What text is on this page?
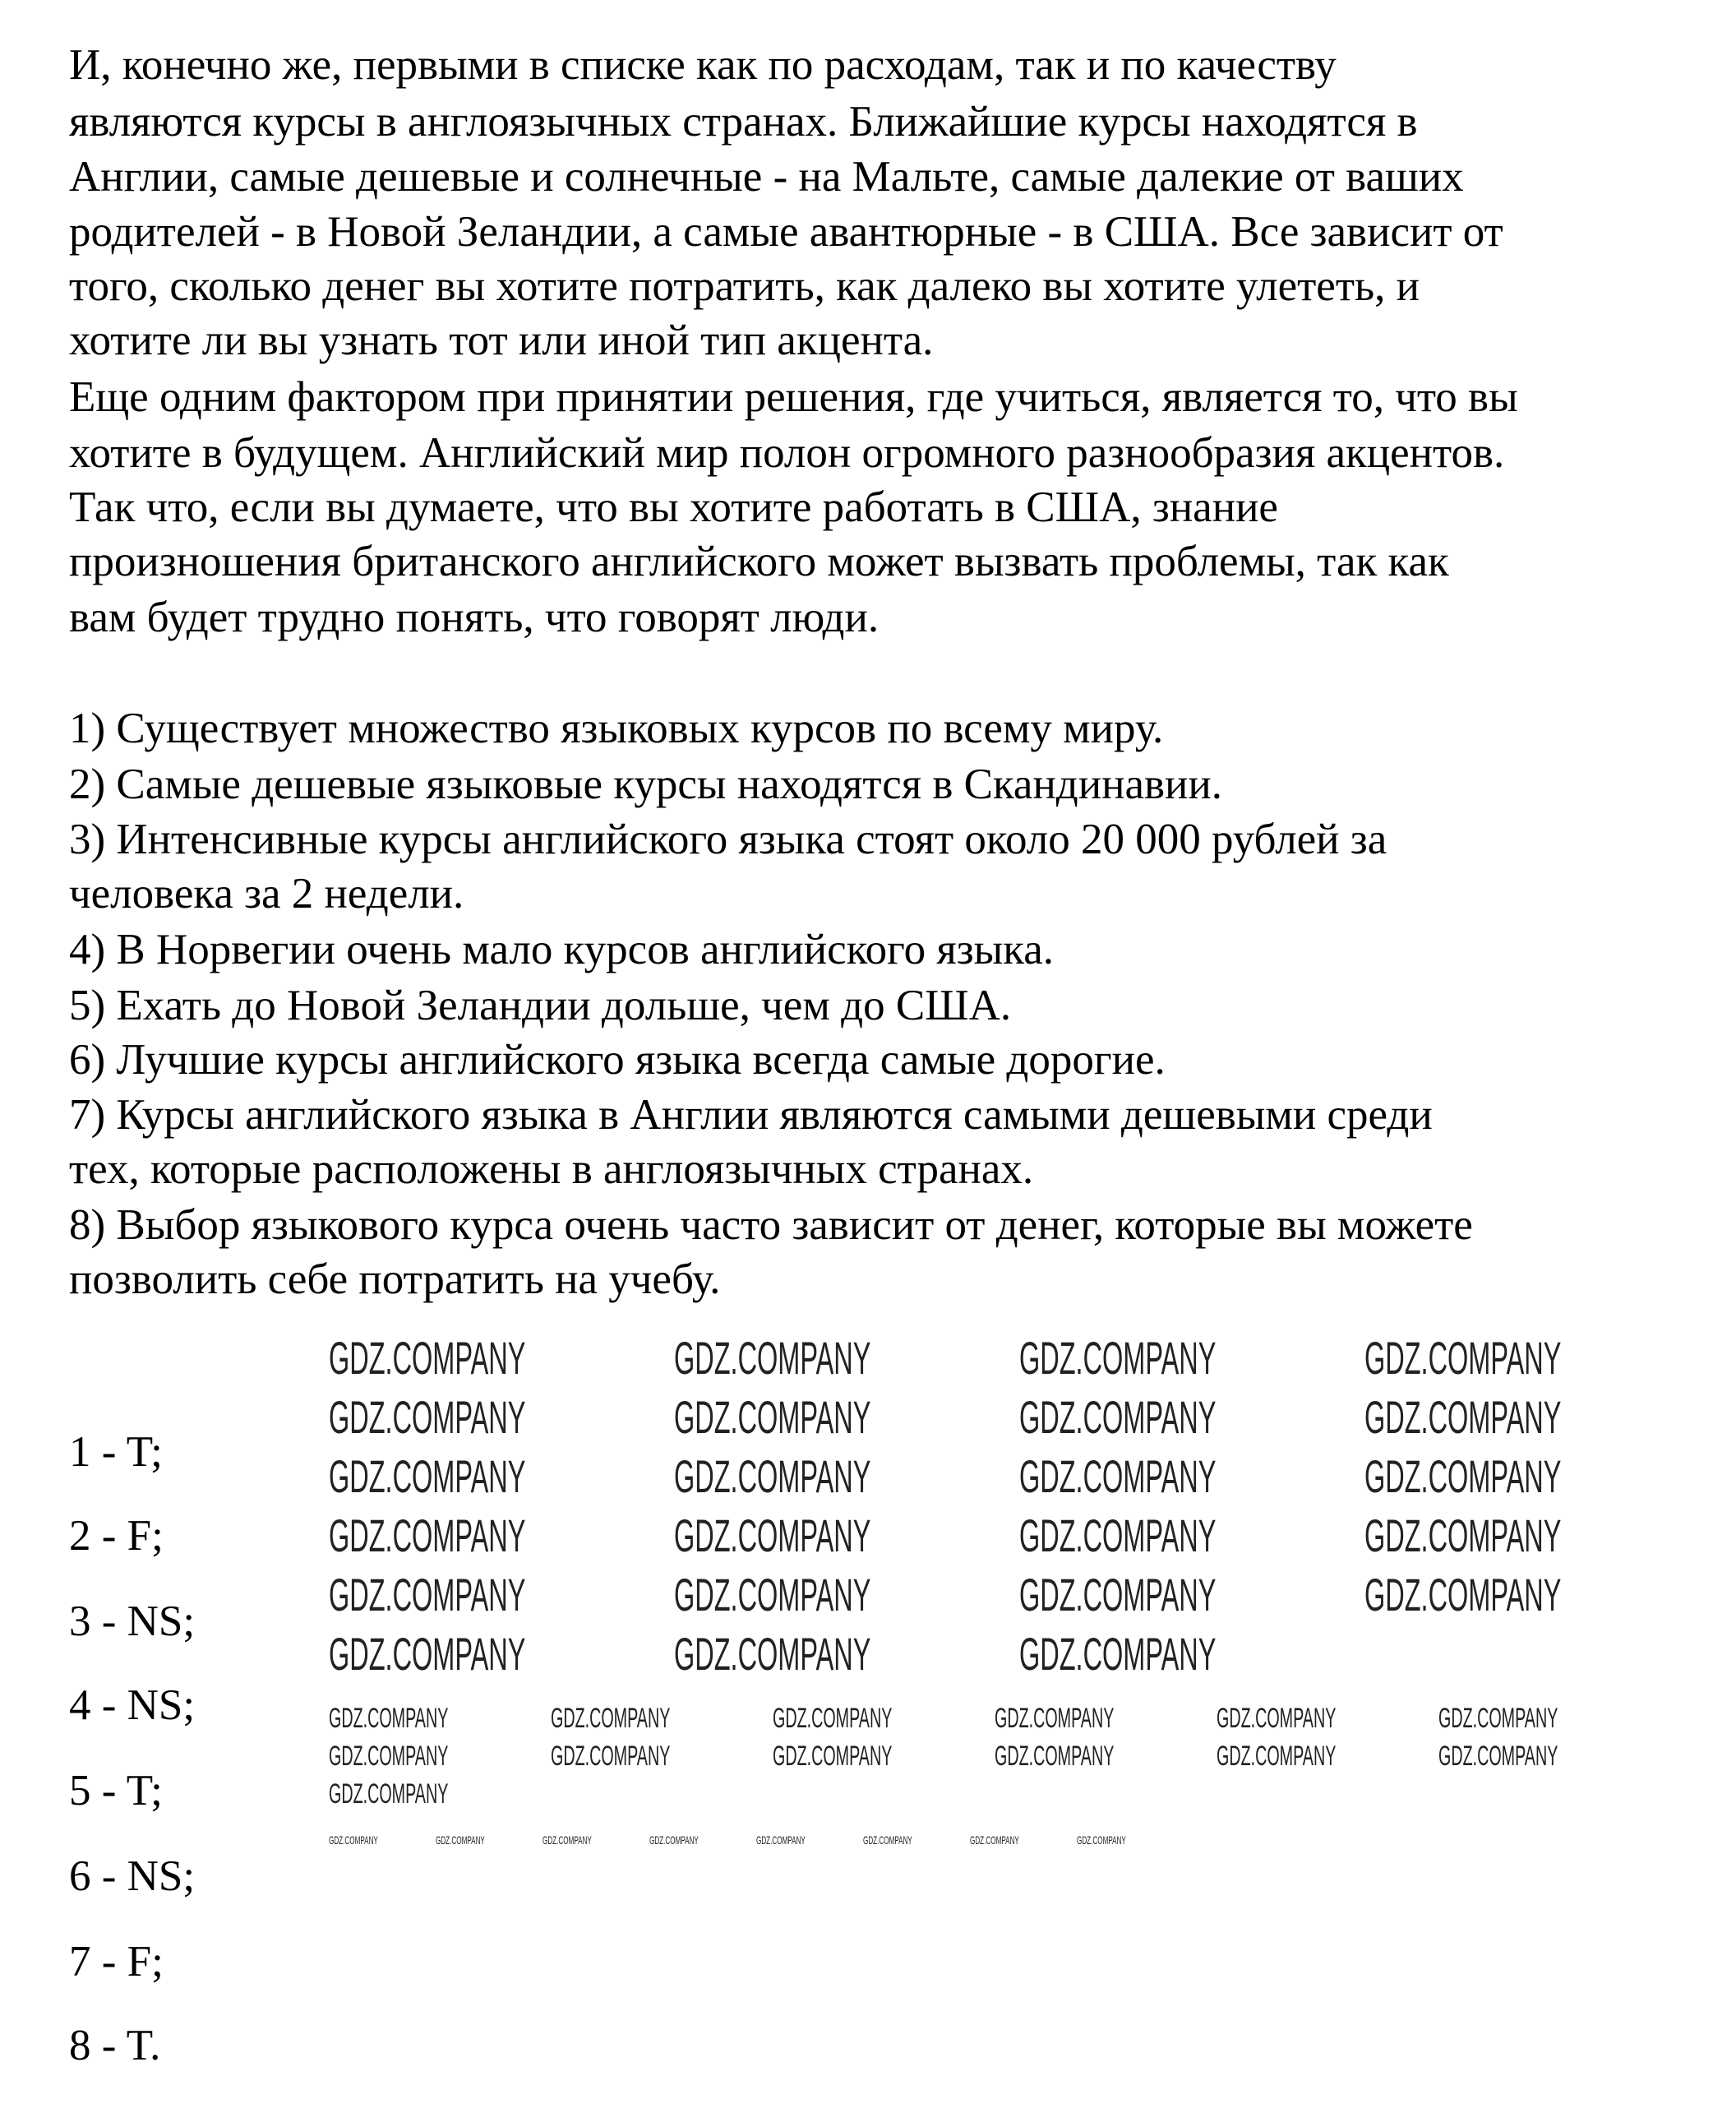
И, конечно же, первыми в списке как по расходам, так и по качеству
являются курсы в англоязычных странах. Ближайшие курсы находятся в
Англии, самые дешевые и солнечные - на Мальте, самые далекие от ваших
родителей - в Новой Зеландии, а самые авантюрные - в США. Все зависит от
того, сколько денег вы хотите потратить, как далеко вы хотите улететь, и
хотите ли вы узнать тот или иной тип акцента.
Еще одним фактором при принятии решения, где учиться, является то, что вы
хотите в будущем. Английский мир полон огромного разнообразия акцентов.
Так что, если вы думаете, что вы хотите работать в США, знание
произношения британского английского может вызвать проблемы, так как
вам будет трудно понять, что говорят люди.
1) Существует множество языковых курсов по всему миру.
2) Самые дешевые языковые курсы находятся в Скандинавии.
3) Интенсивные курсы английского языка стоят около 20 000 рублей за
человека за 2 недели.
4) В Норвегии очень мало курсов английского языка.
5) Ехать до Новой Зеландии дольше, чем до США.
6) Лучшие курсы английского языка всегда самые дорогие.
7) Курсы английского языка в Англии являются самыми дешевыми среди
тех, которые расположены в англоязычных странах.
8) Выбор языкового курса очень часто зависит от денег, которые вы можете
позволить себе потратить на учебу.
1 - T;
2 - F;
3 - NS;
4 - NS;
5 - T;
6 - NS;
7 - F;
8 - T.
GDZ.COMPANY	GDZ.COMPANY	GDZ.COMPANY	GDZ.COMPANY
GDZ.COMPANY	GDZ.COMPANY	GDZ.COMPANY	GDZ.COMPANY
GDZ.COMPANY	GDZ.COMPANY	GDZ.COMPANY	GDZ.COMPANY
GDZ.COMPANY	GDZ.COMPANY	GDZ.COMPANY	GDZ.COMPANY
GDZ.COMPANY	GDZ.COMPANY	GDZ.COMPANY	GDZ.COMPANY
GDZ.COMPANY	GDZ.COMPANY	GDZ.COMPANY
GDZ.COMPANY	GDZ.COMPANY	GDZ.COMPANY	GDZ.COMPANY	GDZ.COMPANY	GDZ.COMPANY
GDZ.COMPANY	GDZ.COMPANY	GDZ.COMPANY	GDZ.COMPANY	GDZ.COMPANY	GDZ.COMPANY
GDZ.COMPANY
GDZ.COMPANY	GDZ.COMPANY	GDZ.COMPANY	GDZ.COMPANY	GDZ.COMPANY	GDZ.COMPANY	GDZ.COMPANY	GDZ.COMPANY
